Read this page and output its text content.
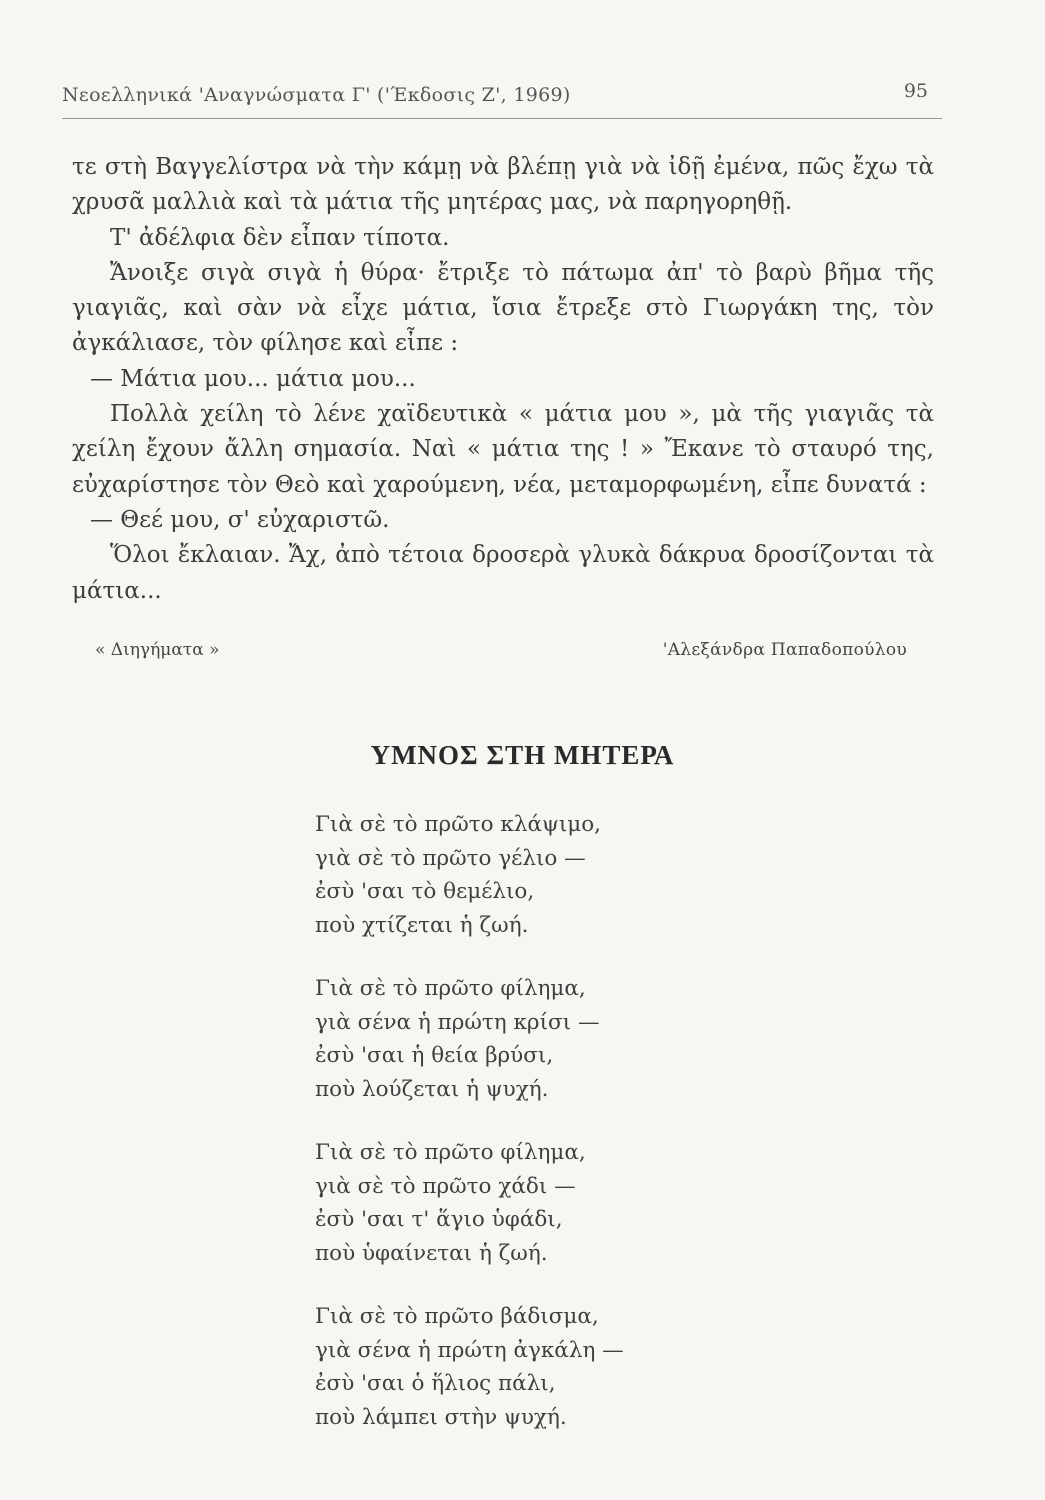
Νεοελληνικά 'Αναγνώσματα Γ' ('Έκδοσις Ζ', 1969)	95

τε στὴ Βαγγελίστρα νὰ τὴν κάμῃ νὰ βλέπῃ γιὰ νὰ ἰδῇ ἐμένα, πῶς ἔχω τὰ χρυσᾶ μαλλιὰ καὶ τὰ μάτια τῆς μητέρας μας, νὰ παρηγορηθῇ.

Τ' ἀδέλφια δὲν εἶπαν τίποτα.

Ἄνοιξε σιγὰ σιγὰ ἡ θύρα· ἔτριξε τὸ πάτωμα ἀπ' τὸ βαρὺ βῆμα τῆς γιαγιᾶς, καὶ σὰν νὰ εἶχε μάτια, ἴσια ἔτρεξε στὸ Γιωργάκη της, τὸν ἀγκάλιασε, τὸν φίλησε καὶ εἶπε :

— Μάτια μου... μάτια μου...

Πολλὰ χείλη τὸ λένε χαϊδευτικὰ « μάτια μου », μὰ τῆς γιαγιᾶς τὰ χείλη ἔχουν ἄλλη σημασία. Ναὶ « μάτια της ! » Ἔκανε τὸ σταυρό της, εὐχαρίστησε τὸν Θεὸ καὶ χαρούμενη, νέα, μεταμορφωμένη, εἶπε δυνατά :

— Θεέ μου, σ' εὐχαριστῶ.

Ὅλοι ἔκλαιαν. Ἄχ, ἀπὸ τέτοια δροσερὰ γλυκὰ δάκρυα δροσίζονται τὰ μάτια...

« Διηγήματα »	'Αλεξάνδρα Παπαδοπούλου
ΥΜΝΟΣ ΣΤΗ ΜΗΤΕΡΑ
Γιὰ σὲ τὸ πρῶτο κλάψιμο,
γιὰ σὲ τὸ πρῶτο γέλιο —
ἐσὺ 'σαι τὸ θεμέλιο,
ποὺ χτίζεται ἡ ζωή.
Γιὰ σὲ τὸ πρῶτο φίλημα,
γιὰ σένα ἡ πρώτη κρίσι —
ἐσὺ 'σαι ἡ θεία βρύσι,
ποὺ λούζεται ἡ ψυχή.
Γιὰ σὲ τὸ πρῶτο φίλημα,
γιὰ σὲ τὸ πρῶτο χάδι —
ἐσὺ 'σαι τ' ἅγιο ὑφάδι,
ποὺ ὑφαίνεται ἡ ζωή.
Γιὰ σὲ τὸ πρῶτο βάδισμα,
γιὰ σένα ἡ πρώτη ἀγκάλη —
ἐσὺ 'σαι ὁ ἥλιος πάλι,
ποὺ λάμπει στὴν ψυχή.
